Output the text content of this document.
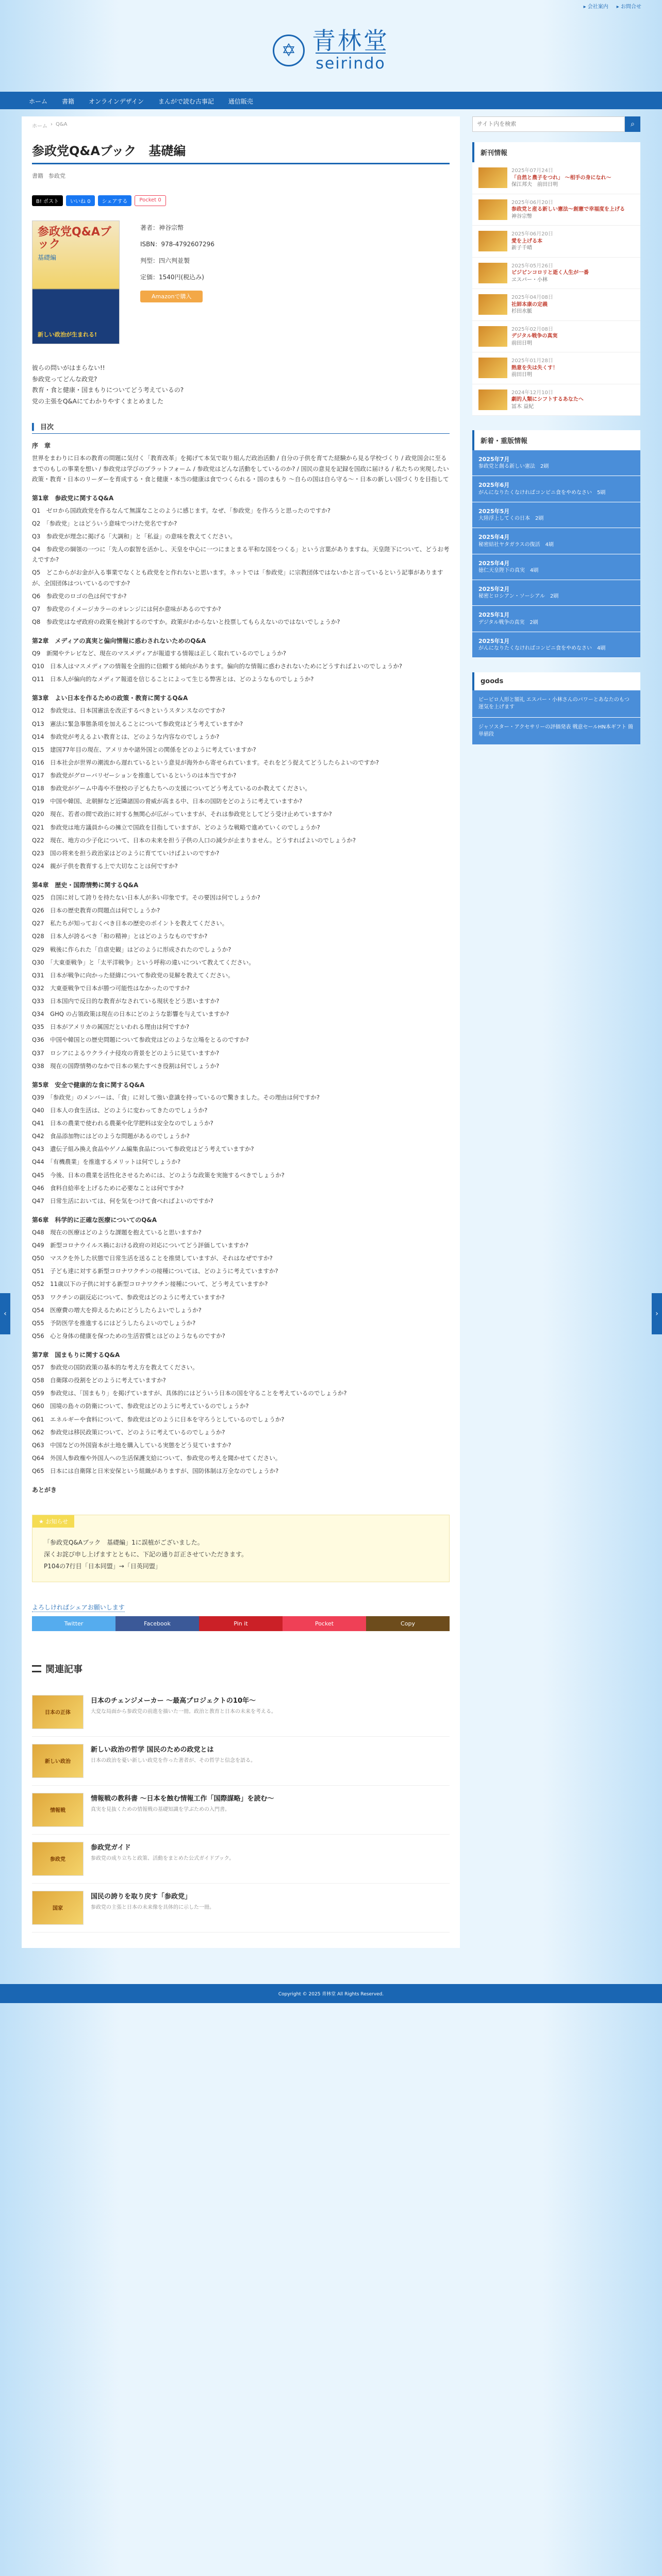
▸ 会社案内 ▸ お問合せ
✡ 青林堂
seirindo
ホーム	書籍	オンラインデザイン	まんがで読む古事記	通信販売
ホーム › Q&A
参政党Q&Aブック　基礎編
書籍 参政党
B! ポスト	いいね 0	シェアする	Pocket 0
参政党Q&Aブック
基礎編
新しい政治が生まれる!

著者：神谷宗幣

ISBN：978-4792607296

判型：四六判並製

定価：1540円(税込み)

Amazonで購入
彼らの問いがはまらない!!
参政党ってどんな政党?
教育・食と健康・国まもりについてどう考えているの?
党の主張をQ&Aにてわかりやすくまとめました
▍ 目次
序　章

世界をまわりに日本の教育の問題に気付く「教育改革」を掲げて本気で取り組んだ政治活動 / 自分の子供を育てた経験から見る学校づくり / 政党国会に至るまでのもしの事業を想い / 参政党は学びのプラットフォーム / 参政党はどんな活動をしているのか? / 国民の意見を記録を国政に届ける / 私たちの実現したい政策・教育・日本のリーダーを育成する・食と健康・本当の健康は食でつくられる・国のまもり ～自らの国は自ら守る～・日本の新しい国づくりを目指して

第1章　参政党に関するQ&A

Q1　ゼロから国政政党を作るなんて無謀なことのように感じます。なぜ、「参政党」を作ろうと思ったのですか?

Q2　「参政党」とはどういう意味でつけた党名ですか?

Q3　参政党が理念に掲げる「大調和」と「私益」の意味を教えてください。

Q4　参政党の綱領の一つに「先人の叡智を活かし、天皇を中心に一つにまとまる平和な国をつくる」という言葉がありますね。天皇陛下について、どうお考えですか?

Q5　どこからがお金が入る事業でなくとも政党をと作れないと思います。ネットでは「参政党」に宗教団体ではないかと言っているという記事がありますが、全国団体はついているのですか?

Q6　参政党のロゴの色は何ですか?

Q7　参政党のイメージカラーのオレンジには何か意味があるのですか?

Q8　参政党はなぜ政府の政策を検討するのですか。政策がわからないと投票してもらえないのではないでしょうか?

第2章　メディアの真実と偏向情報に惑わされないためのQ&A

Q9　新聞やテレビなど、現在のマスメディアが報道する情報は正しく取れているのでしょうか?

Q10　日本人はマスメディアの情報を全面的に信頼する傾向があります。偏向的な情報に惑わされないためにどうすればよいのでしょうか?

Q11　日本人が偏向的なメディア報道を信じることによって生じる弊害とは、どのようなものでしょうか?

第3章　よい日本を作るための政策・教育に関するQ&A

Q12　参政党は、日本国憲法を改正するべきというスタンスなのですか?

Q13　憲法に緊急事態条項を加えることについて参政党はどう考えていますか?

Q14　参政党が考えるよい教育とは、どのような内容なのでしょうか?

Q15　建国77年目の現在、アメリカや諸外国との関係をどのように考えていますか?

Q16　日本社会が世界の潮流から遅れているという意見が海外から寄せられています。それをどう捉えてどうしたらよいのですか?

Q17　参政党がグローバリゼーションを推進しているというのは本当ですか?

Q18　参政党がゲーム中毒や不登校の子どもたちへの支援についてどう考えているのか教えてください。

Q19　中国や韓国、北朝鮮など近隣諸国の脅威が高まる中、日本の国防をどのように考えていますか?

Q20　現在、若者の間で政治に対する無関心が広がっていますが、それは参政党としてどう受け止めていますか?

Q21　参政党は地方議員からの擁立で国政を目指していますが、どのような戦略で進めていくのでしょうか?

Q22　現在、地方の少子化について、日本の未来を担う子供の人口の減少が止まりません。どうすればよいのでしょうか?

Q23　国の将来を担う政治家はどのように育てていけばよいのですか?

Q24　親が子供を教育する上で大切なことは何ですか?

第4章　歴史・国際情勢に関するQ&A

Q25　自国に対して誇りを持たない日本人が多い印象です。その要因は何でしょうか?

Q26　日本の歴史教育の問題点は何でしょうか?

Q27　私たちが知っておくべき日本の歴史のポイントを教えてください。

Q28　日本人が誇るべき「和の精神」とはどのようなものですか?

Q29　戦後に作られた「自虐史観」はどのように形成されたのでしょうか?

Q30　「大東亜戦争」と「太平洋戦争」という呼称の違いについて教えてください。

Q31　日本が戦争に向かった経緯について参政党の見解を教えてください。

Q32　大東亜戦争で日本が勝つ可能性はなかったのですか?

Q33　日本国内で反日的な教育がなされている現状をどう思いますか?

Q34　GHQ の占領政策は現在の日本にどのような影響を与えていますか?

Q35　日本がアメリカの属国だといわれる理由は何ですか?

Q36　中国や韓国との歴史問題について参政党はどのような立場をとるのですか?

Q37　ロシアによるウクライナ侵攻の背景をどのように見ていますか?

Q38　現在の国際情勢のなかで日本の果たすべき役割は何でしょうか?

第5章　安全で健康的な食に関するQ&A

Q39　「参政党」のメンバーは、「食」に対して強い意識を持っているので驚きました。その理由は何ですか?

Q40　日本人の食生活は、どのように変わってきたのでしょうか?

Q41　日本の農業で使われる農薬や化学肥料は安全なのでしょうか?

Q42　食品添加物にはどのような問題があるのでしょうか?

Q43　遺伝子組み換え食品やゲノム編集食品について参政党はどう考えていますか?

Q44　「有機農業」を推進するメリットは何でしょうか?

Q45　今後、日本の農業を活性化させるためには、どのような政策を実施するべきでしょうか?

Q46　食料自給率を上げるために必要なことは何ですか?

Q47　日常生活においては、何を気をつけて食べればよいのですか?

第6章　科学的に正確な医療についてのQ&A

Q48　現在の医療はどのような課題を抱えていると思いますか?

Q49　新型コロナウイルス禍における政府の対応についてどう評価していますか?

Q50　マスクを外した状態で日常生活を送ることを推奨していますが、それはなぜですか?

Q51　子ども達に対する新型コロナワクチンの接種については、どのように考えていますか?

Q52　11歳以下の子供に対する新型コロナワクチン接種について、どう考えていますか?

Q53　ワクチンの副反応について、参政党はどのように考えていますか?

Q54　医療費の増大を抑えるためにどうしたらよいでしょうか?

Q55　予防医学を推進するにはどうしたらよいのでしょうか?

Q56　心と身体の健康を保つための生活習慣とはどのようなものですか?

第7章　国まもりに関するQ&A

Q57　参政党の国防政策の基本的な考え方を教えてください。

Q58　自衛隊の役割をどのように考えていますか?

Q59　参政党は、「国まもり」を掲げていますが、具体的にはどういう日本の国を守ることを考えているのでしょうか?

Q60　国境の島々の防衛について、参政党はどのように考えているのでしょうか?

Q61　エネルギーや食料について、参政党はどのように日本を守ろうとしているのでしょうか?

Q62　参政党は移民政策について、どのように考えているのでしょうか?

Q63　中国などの外国資本が土地を購入している実態をどう見ていますか?

Q64　外国人参政権や外国人への生活保護支給について、参政党の考えを聞かせてください。

Q65　日本には自衛隊と日米安保という組織がありますが、国防体制は万全なのでしょうか?

あとがき
★ お知らせ
「参政党Q&Aブック　基礎編」1に誤植がございました。
深くお詫び申し上げますとともに、下記の通り訂正させていただきます。
P104の7行目「日本同盟」→「日英同盟」
よろしければシェアお願いします
Twitter	Facebook	Pin it	Pocket	Copy
関連記事
日本の正体
日本のチェンジメーカー ～最高プロジェクトの10年～

大変な局面から参政党の前進を描いた一冊。政治と教育と日本の未来を考える。

新しい政治
新しい政治の哲学 国民のための政党とは

日本の政治を憂い新しい政党を作った著者が、その哲学と信念を語る。

情報戦
情報戦の教科書 ～日本を蝕む情報工作「国際謀略」を読む～

真実を見抜くための情報戦の基礎知識を学ぶための入門書。

参政党
参政党ガイド

参政党の成り立ちと政策、活動をまとめた公式ガイドブック。

国家
国民の誇りを取り戻す「参政党」

参政党の主張と日本の未来像を具体的に示した一冊。

サイト内を検索
⌕
新刊情報
2025年07月24日
「自然と農子をつれ」 ～相手の身になれ～
保江邦夫　前田日明
2025年06月20日
参政党と産る新しい憲法～創憲で幸福度を上げる
神谷宗幣
2025年06月20日
愛を上げる本
新子千晴
2025年05月26日
ビジビンコロリと逝く人生が一番
ヱスパー・小林
2025年04月08日
社師本康の定義
杉田水脈
2025年02月08日
デジタル戦争の真実
前田日明
2025年01月28日
熱意を失は失くす！
前田日明
2024年12月10日
劇的人類にシフトするあなたへ
冨木 益紀
新着・重版情報
2025年7月
参政党と創る新しい憲法　2刷
2025年6月
がんになりたくなければコンビニ食をやめなさい　5刷
2025年5月
大陸浮上してくの日本　2刷
2025年4月
秘密結社ヤタガラスの復活　4刷
2025年4月
徳仁天皇陛下の真実　4刷
2025年2月
秘密とロシアン・ソーシアル　2刷
2025年1月
デジタル戦争の真実　2刷
2025年1月
がんになりたくなければコンビニ食をやめなさい　4刷
goods
ビービロ人形と額礼 エスパー・小林さんのパワーとあなたのもつ運気を上げます
ジャソスター・アクセサリーの評価発表 戦意セールHN本ギフト 簡単値段
‹	›
Copyright © 2025 青林堂 All Rights Reserved.
